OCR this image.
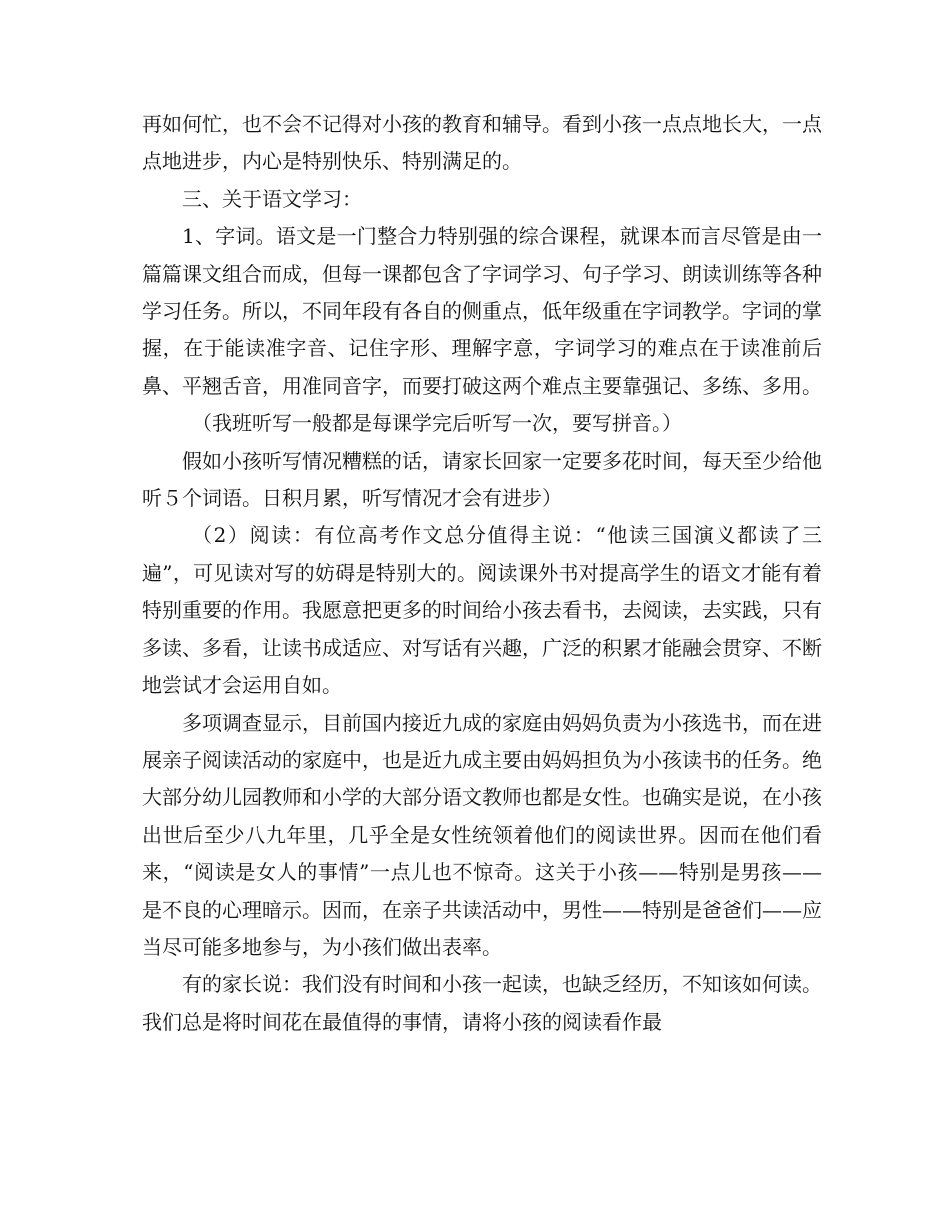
再如何忙，也不会不记得对小孩的教育和辅导。看到小孩一点点地长大，一点点地进步，内心是特别快乐、特别满足的。

三、关于语文学习：

1、字词。语文是一门整合力特别强的综合课程，就课本而言尽管是由一篇篇课文组合而成，但每一课都包含了字词学习、句子学习、朗读训练等各种学习任务。所以，不同年段有各自的侧重点，低年级重在字词教学。字词的掌握，在于能读准字音、记住字形、理解字意，字词学习的难点在于读准前后鼻、平翘舌音，用准同音字，而要打破这两个难点主要靠强记、多练、多用。

（我班听写一般都是每课学完后听写一次，要写拼音。）

假如小孩听写情况糟糕的话，请家长回家一定要多花时间，每天至少给他听５个词语。日积月累，听写情况才会有进步）

（2）阅读：有位高考作文总分值得主说：“他读三国演义都读了三遍”，可见读对写的妨碍是特别大的。阅读课外书对提高学生的语文才能有着特别重要的作用。我愿意把更多的时间给小孩去看书，去阅读，去实践，只有多读、多看，让读书成适应、对写话有兴趣，广泛的积累才能融会贯穿、不断地尝试才会运用自如。

多项调查显示，目前国内接近九成的家庭由妈妈负责为小孩选书，而在进展亲子阅读活动的家庭中，也是近九成主要由妈妈担负为小孩读书的任务。绝大部分幼儿园教师和小学的大部分语文教师也都是女性。也确实是说，在小孩出世后至少八九年里，几乎全是女性统领着他们的阅读世界。因而在他们看来，“阅读是女人的事情”一点儿也不惊奇。这关于小孩——特别是男孩——是不良的心理暗示。因而，在亲子共读活动中，男性——特别是爸爸们——应当尽可能多地参与，为小孩们做出表率。

有的家长说：我们没有时间和小孩一起读，也缺乏经历，不知该如何读。我们总是将时间花在最值得的事情，请将小孩的阅读看作最
